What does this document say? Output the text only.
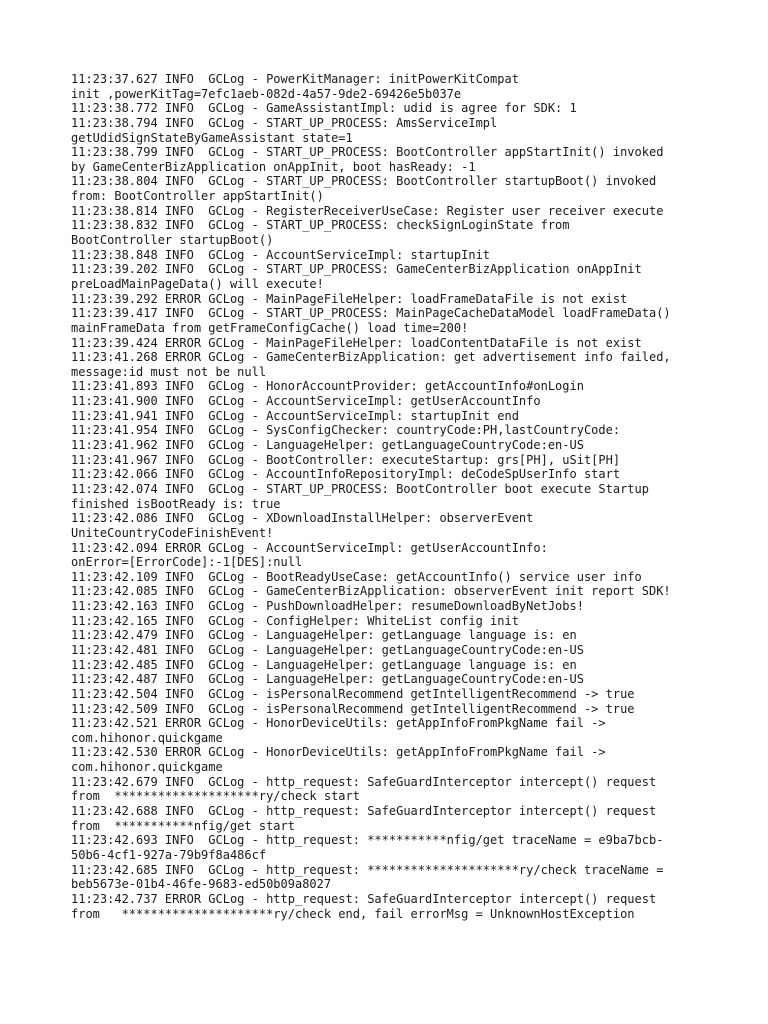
11:23:37.627 INFO  GCLog - PowerKitManager: initPowerKitCompat
init ,powerKitTag=7efc1aeb-082d-4a57-9de2-69426e5b037e
11:23:38.772 INFO  GCLog - GameAssistantImpl: udid is agree for SDK: 1
11:23:38.794 INFO  GCLog - START_UP_PROCESS: AmsServiceImpl
getUdidSignStateByGameAssistant state=1
11:23:38.799 INFO  GCLog - START_UP_PROCESS: BootController appStartInit() invoked
by GameCenterBizApplication onAppInit, boot hasReady: -1
11:23:38.804 INFO  GCLog - START_UP_PROCESS: BootController startupBoot() invoked
from: BootController appStartInit()
11:23:38.814 INFO  GCLog - RegisterReceiverUseCase: Register user receiver execute
11:23:38.832 INFO  GCLog - START_UP_PROCESS: checkSignLoginState from
BootController startupBoot()
11:23:38.848 INFO  GCLog - AccountServiceImpl: startupInit
11:23:39.202 INFO  GCLog - START_UP_PROCESS: GameCenterBizApplication onAppInit
preLoadMainPageData() will execute!
11:23:39.292 ERROR GCLog - MainPageFileHelper: loadFrameDataFile is not exist
11:23:39.417 INFO  GCLog - START_UP_PROCESS: MainPageCacheDataModel loadFrameData()
mainFrameData from getFrameConfigCache() load time=200!
11:23:39.424 ERROR GCLog - MainPageFileHelper: loadContentDataFile is not exist
11:23:41.268 ERROR GCLog - GameCenterBizApplication: get advertisement info failed,
message:id must not be null
11:23:41.893 INFO  GCLog - HonorAccountProvider: getAccountInfo#onLogin
11:23:41.900 INFO  GCLog - AccountServiceImpl: getUserAccountInfo
11:23:41.941 INFO  GCLog - AccountServiceImpl: startupInit end
11:23:41.954 INFO  GCLog - SysConfigChecker: countryCode:PH,lastCountryCode:
11:23:41.962 INFO  GCLog - LanguageHelper: getLanguageCountryCode:en-US
11:23:41.967 INFO  GCLog - BootController: executeStartup: grs[PH], uSit[PH]
11:23:42.066 INFO  GCLog - AccountInfoRepositoryImpl: deCodeSpUserInfo start
11:23:42.074 INFO  GCLog - START_UP_PROCESS: BootController boot execute Startup
finished isBootReady is: true
11:23:42.086 INFO  GCLog - XDownloadInstallHelper: observerEvent
UniteCountryCodeFinishEvent!
11:23:42.094 ERROR GCLog - AccountServiceImpl: getUserAccountInfo:
onError=[ErrorCode]:-1[DES]:null
11:23:42.109 INFO  GCLog - BootReadyUseCase: getAccountInfo() service user info
11:23:42.085 INFO  GCLog - GameCenterBizApplication: observerEvent init report SDK!
11:23:42.163 INFO  GCLog - PushDownloadHelper: resumeDownloadByNetJobs!
11:23:42.165 INFO  GCLog - ConfigHelper: WhiteList config init
11:23:42.479 INFO  GCLog - LanguageHelper: getLanguage language is: en
11:23:42.481 INFO  GCLog - LanguageHelper: getLanguageCountryCode:en-US
11:23:42.485 INFO  GCLog - LanguageHelper: getLanguage language is: en
11:23:42.487 INFO  GCLog - LanguageHelper: getLanguageCountryCode:en-US
11:23:42.504 INFO  GCLog - isPersonalRecommend getIntelligentRecommend -> true
11:23:42.509 INFO  GCLog - isPersonalRecommend getIntelligentRecommend -> true
11:23:42.521 ERROR GCLog - HonorDeviceUtils: getAppInfoFromPkgName fail ->
com.hihonor.quickgame
11:23:42.530 ERROR GCLog - HonorDeviceUtils: getAppInfoFromPkgName fail ->
com.hihonor.quickgame
11:23:42.679 INFO  GCLog - http_request: SafeGuardInterceptor intercept() request
from  ********************ry/check start
11:23:42.688 INFO  GCLog - http_request: SafeGuardInterceptor intercept() request
from  ***********nfig/get start
11:23:42.693 INFO  GCLog - http_request: ***********nfig/get traceName = e9ba7bcb-
50b6-4cf1-927a-79b9f8a486cf
11:23:42.685 INFO  GCLog - http_request: *********************ry/check traceName =
beb5673e-01b4-46fe-9683-ed50b09a8027
11:23:42.737 ERROR GCLog - http_request: SafeGuardInterceptor intercept() request
from   *********************ry/check end, fail errorMsg = UnknownHostException
